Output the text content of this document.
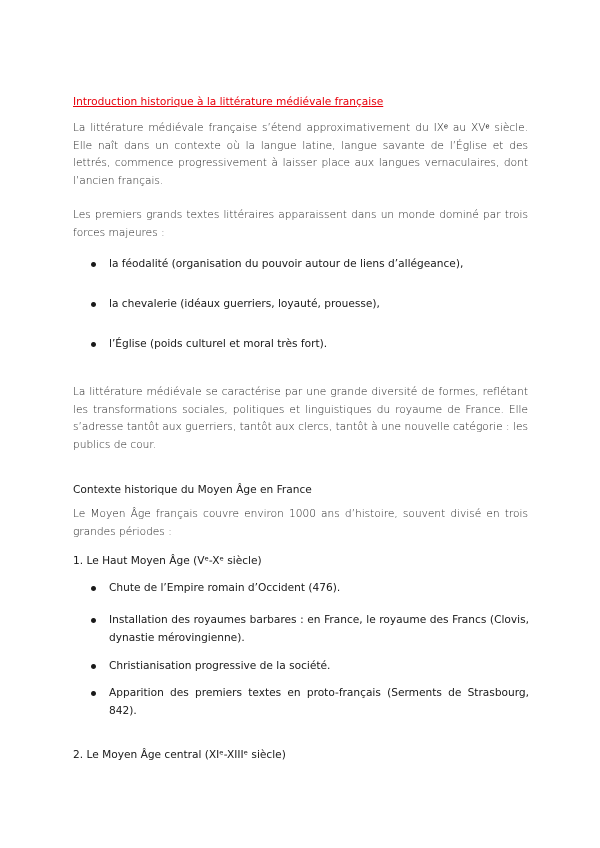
Introduction historique à la littérature médiévale française

La littérature médiévale française s’étend approximativement du IXᵉ au XVᵉ siècle. Elle naît dans un contexte où la langue latine, langue savante de l’Église et des lettrés, commence progressivement à laisser place aux langues vernaculaires, dont l’ancien français.

Les premiers grands textes littéraires apparaissent dans un monde dominé par trois forces majeures :

la féodalité (organisation du pouvoir autour de liens d’allégeance),
la chevalerie (idéaux guerriers, loyauté, prouesse),
l’Église (poids culturel et moral très fort).

La littérature médiévale se caractérise par une grande diversité de formes, reflétant les transformations sociales, politiques et linguistiques du royaume de France. Elle s’adresse tantôt aux guerriers, tantôt aux clercs, tantôt à une nouvelle catégorie : les publics de cour.

Contexte historique du Moyen Âge en France

Le Moyen Âge français couvre environ 1000 ans d’histoire, souvent divisé en trois grandes périodes :

1. Le Haut Moyen Âge (Vᵉ-Xᵉ siècle)
Chute de l’Empire romain d’Occident (476).
Installation des royaumes barbares : en France, le royaume des Francs (Clovis, dynastie mérovingienne).
Christianisation progressive de la société.
Apparition des premiers textes en proto-français (Serments de Strasbourg, 842).
2. Le Moyen Âge central (XIᵉ-XIIIᵉ siècle)
